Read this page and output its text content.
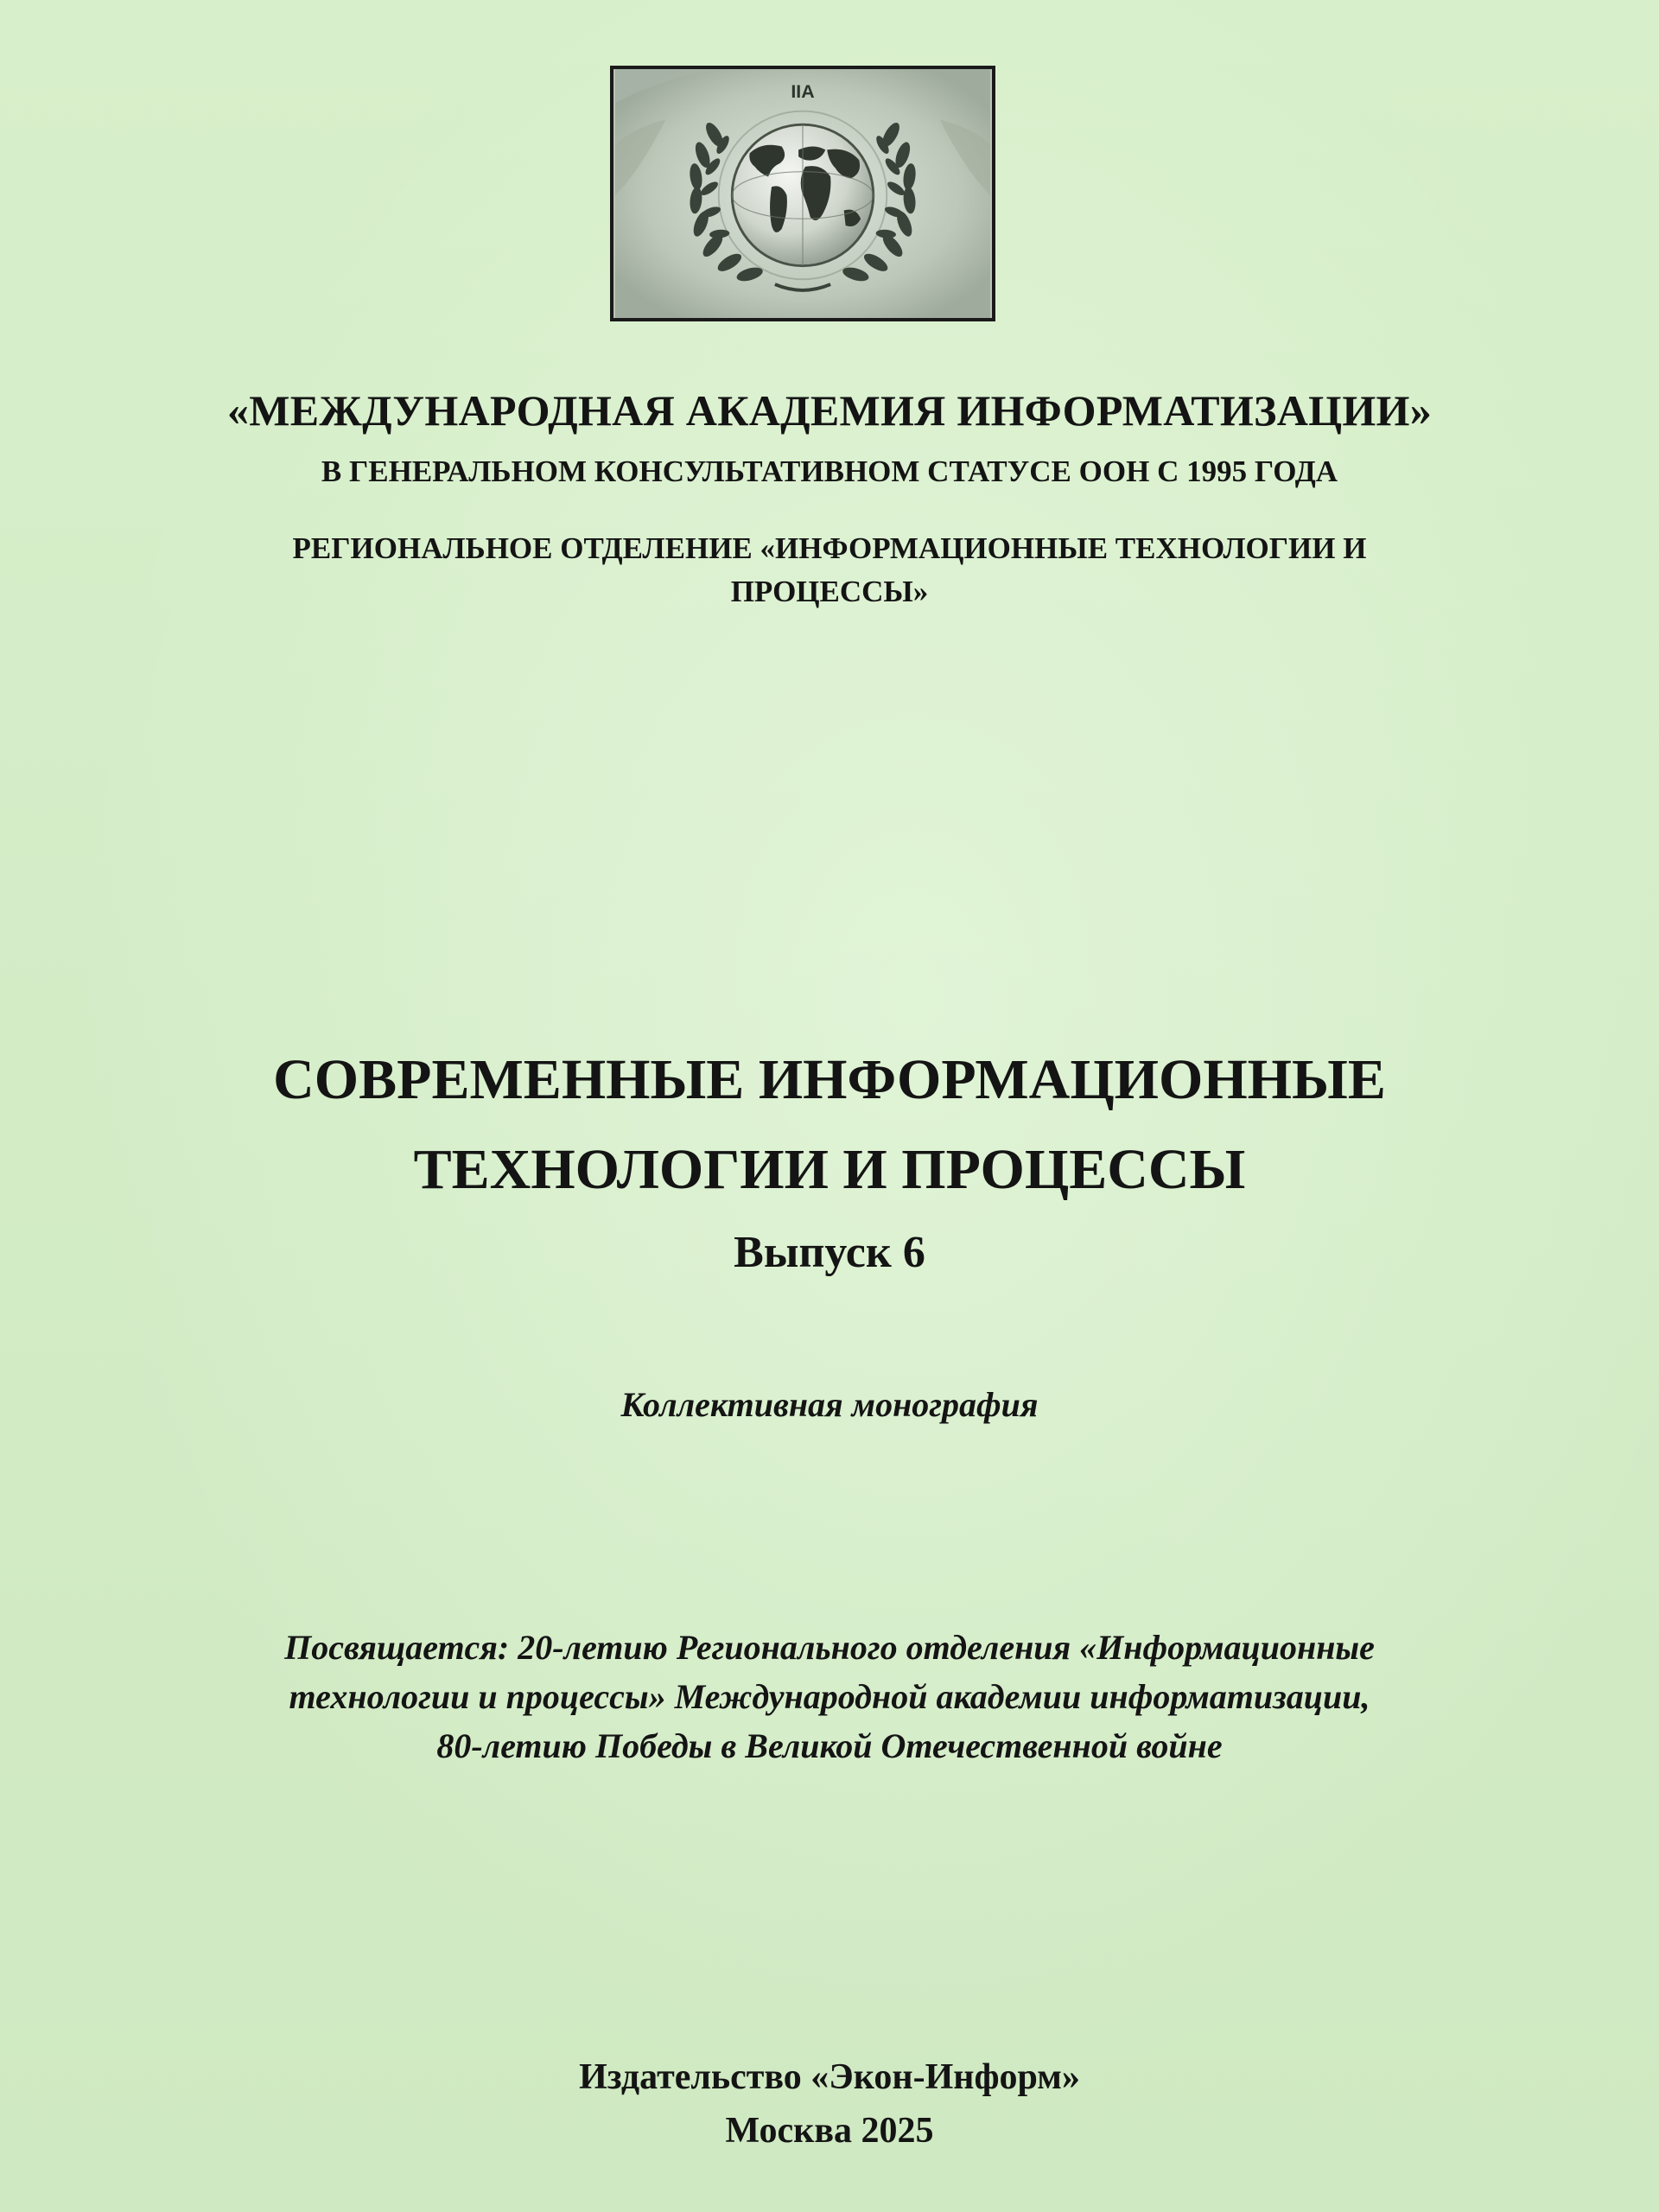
IIA

«МЕЖДУНАРОДНАЯ АКАДЕМИЯ ИНФОРМАТИЗАЦИИ»

В ГЕНЕРАЛЬНОМ КОНСУЛЬТАТИВНОМ СТАТУСЕ ООН С 1995 ГОДА

РЕГИОНАЛЬНОЕ ОТДЕЛЕНИЕ «ИНФОРМАЦИОННЫЕ ТЕХНОЛОГИИ И

ПРОЦЕССЫ»

СОВРЕМЕННЫЕ ИНФОРМАЦИОННЫЕ

ТЕХНОЛОГИИ И ПРОЦЕССЫ

Выпуск 6

Коллективная монография

Посвящается: 20-летию Регионального отделения «Информационные

технологии и процессы» Международной академии информатизации,

80-летию Победы в Великой Отечественной войне

Издательство «Экон-Информ»

Москва 2025
